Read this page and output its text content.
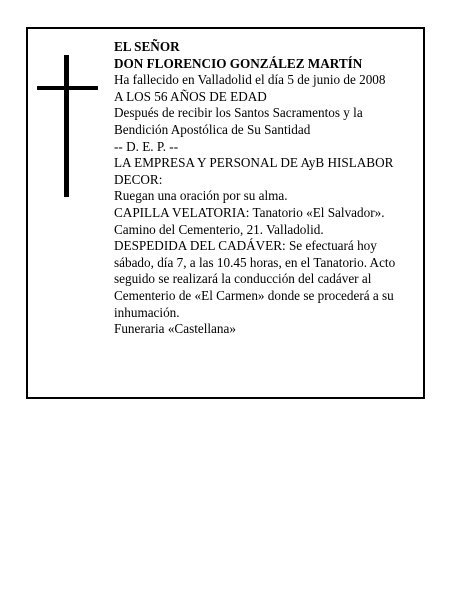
EL SEÑOR

DON FLORENCIO GONZÁLEZ MARTÍN

Ha fallecido en Valladolid el día 5 de junio de 2008

A LOS 56 AÑOS DE EDAD

Después de recibir los Santos Sacramentos y la Bendición Apostólica de Su Santidad

-- D. E. P. --

LA EMPRESA Y PERSONAL DE AyB HISLABOR DECOR:

Ruegan una oración por su alma.

CAPILLA VELATORIA: Tanatorio «El Salvador». Camino del Cementerio, 21. Valladolid.

DESPEDIDA DEL CADÁVER: Se efectuará hoy sábado, día 7, a las 10.45 horas, en el Tanatorio. Acto seguido se realizará la conducción del cadáver al Cementerio de «El Carmen» donde se procederá a su inhumación.

Funeraria «Castellana»
